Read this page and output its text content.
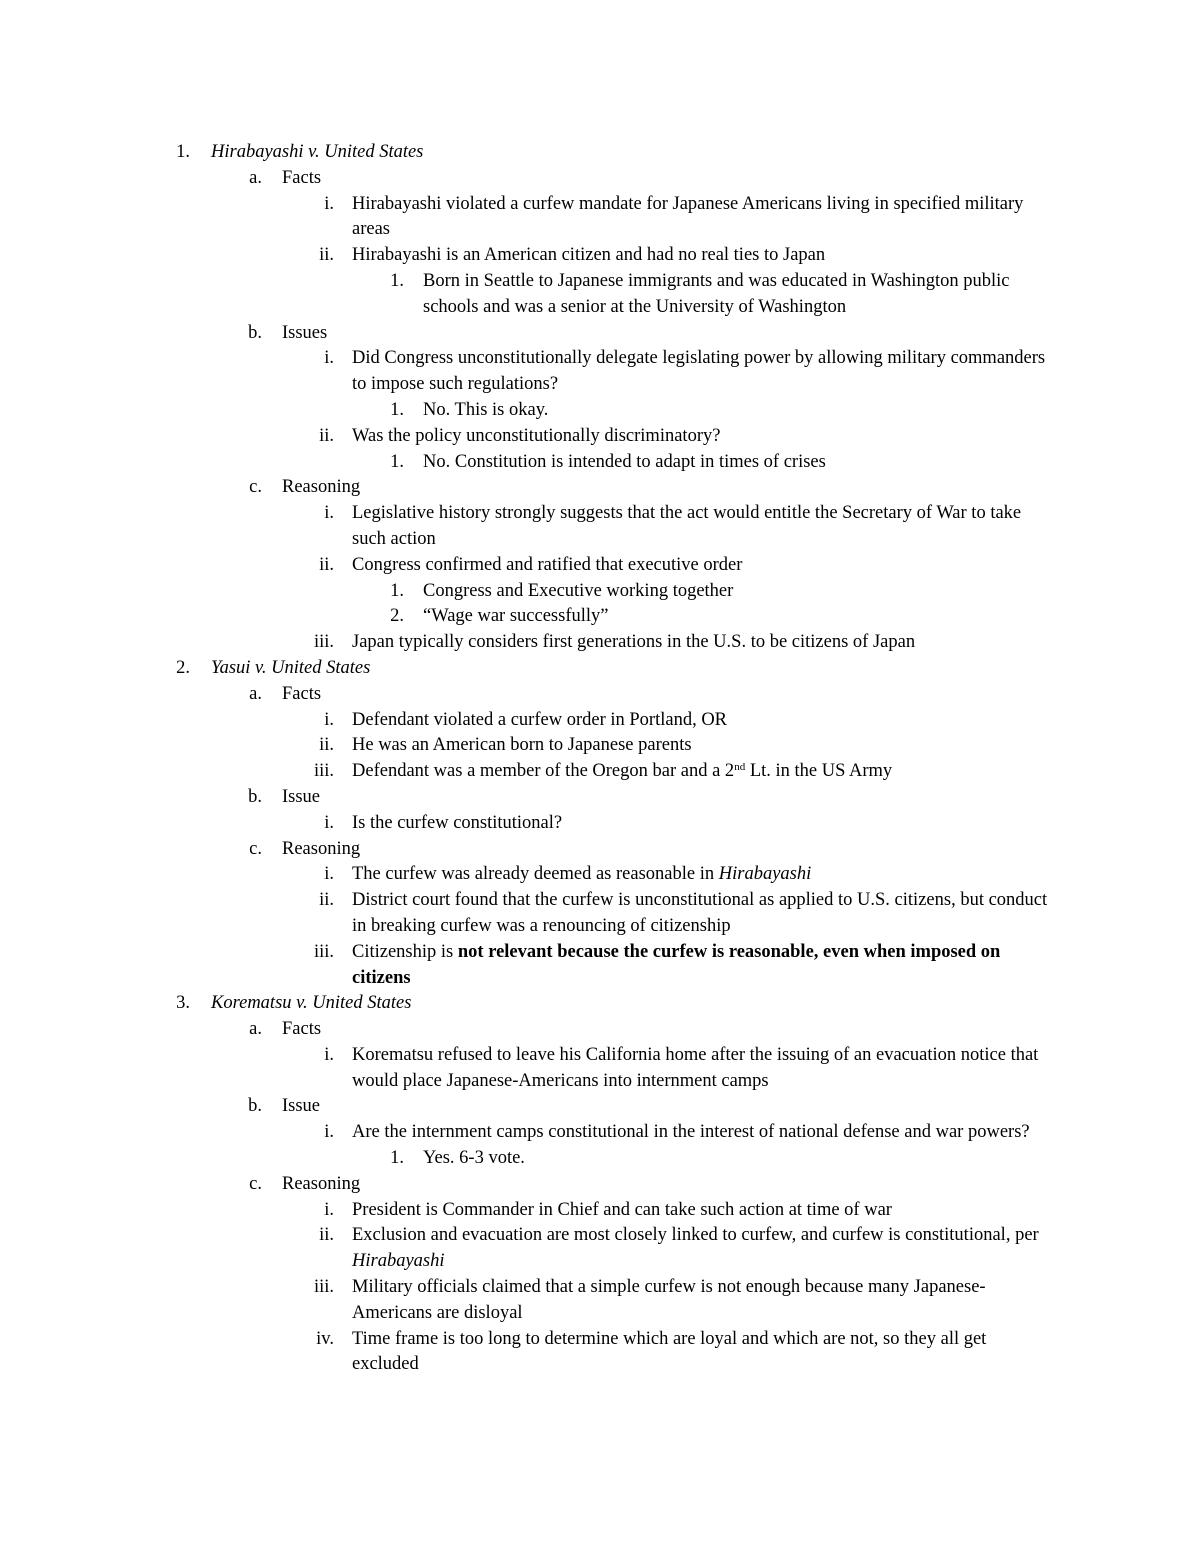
1. Hirabayashi v. United States
a. Facts
i. Hirabayashi violated a curfew mandate for Japanese Americans living in specified military areas
ii. Hirabayashi is an American citizen and had no real ties to Japan
1. Born in Seattle to Japanese immigrants and was educated in Washington public schools and was a senior at the University of Washington
b. Issues
i. Did Congress unconstitutionally delegate legislating power by allowing military commanders to impose such regulations?
1. No. This is okay.
ii. Was the policy unconstitutionally discriminatory?
1. No. Constitution is intended to adapt in times of crises
c. Reasoning
i. Legislative history strongly suggests that the act would entitle the Secretary of War to take such action
ii. Congress confirmed and ratified that executive order
1. Congress and Executive working together
2. “Wage war successfully”
iii. Japan typically considers first generations in the U.S. to be citizens of Japan
2. Yasui v. United States
a. Facts
i. Defendant violated a curfew order in Portland, OR
ii. He was an American born to Japanese parents
iii. Defendant was a member of the Oregon bar and a 2nd Lt. in the US Army
b. Issue
i. Is the curfew constitutional?
c. Reasoning
i. The curfew was already deemed as reasonable in Hirabayashi
ii. District court found that the curfew is unconstitutional as applied to U.S. citizens, but conduct in breaking curfew was a renouncing of citizenship
iii. Citizenship is not relevant because the curfew is reasonable, even when imposed on citizens
3. Korematsu v. United States
a. Facts
i. Korematsu refused to leave his California home after the issuing of an evacuation notice that would place Japanese-Americans into internment camps
b. Issue
i. Are the internment camps constitutional in the interest of national defense and war powers?
1. Yes. 6-3 vote.
c. Reasoning
i. President is Commander in Chief and can take such action at time of war
ii. Exclusion and evacuation are most closely linked to curfew, and curfew is constitutional, per Hirabayashi
iii. Military officials claimed that a simple curfew is not enough because many Japanese-Americans are disloyal
iv. Time frame is too long to determine which are loyal and which are not, so they all get excluded
